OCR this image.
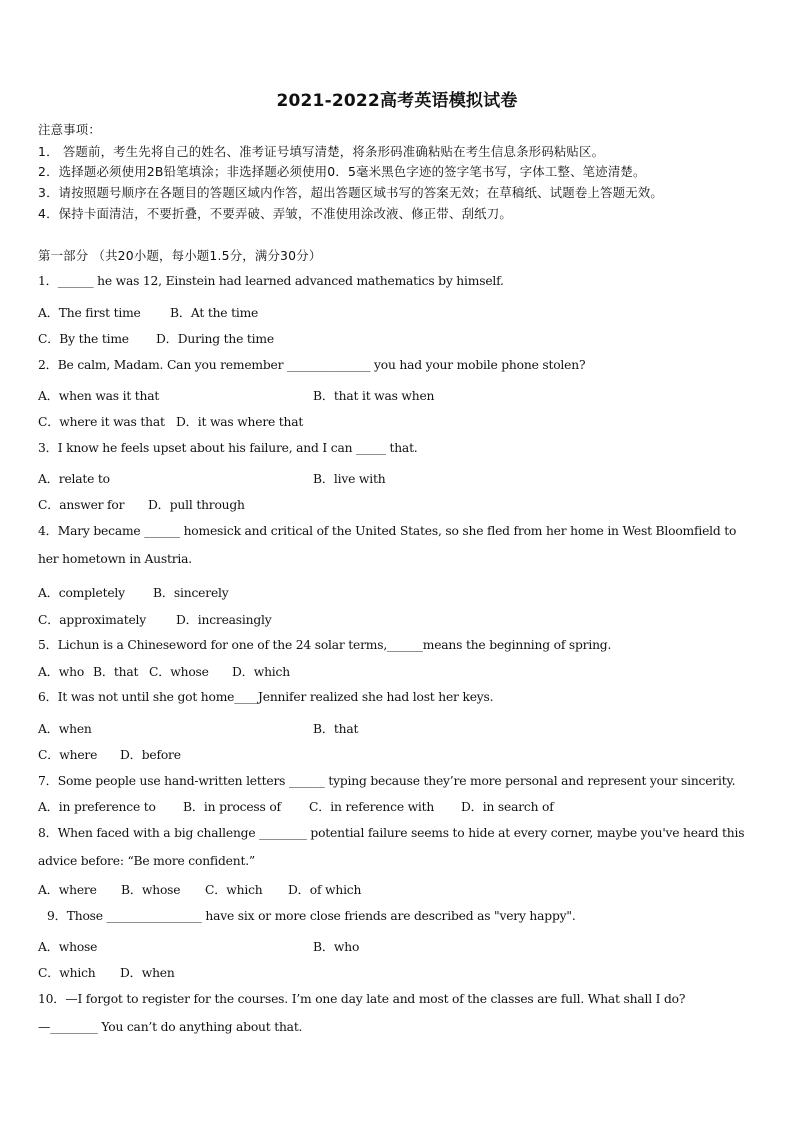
2021-2022高考英语模拟试卷
注意事项：
1． 答题前，考生先将自己的姓名、准考证号填写清楚，将条形码准确粘贴在考生信息条形码粘贴区。
2．选择题必须使用2B铅笔填涂；非选择题必须使用0．5毫米黑色字迹的签字笔书写，字体工整、笔迹清楚。
3．请按照题号顺序在各题目的答题区域内作答，超出答题区域书写的答案无效；在草稿纸、试题卷上答题无效。
4．保持卡面清洁，不要折叠，不要弄破、弄皱，不准使用涂改液、修正带、刮纸刀。
第一部分 （共20小题，每小题1.5分，满分30分）
1．______ he was 12, Einstein had learned advanced mathematics by himself.
A．The first time B．At the time
C．By the time D．During the time
2．Be calm, Madam. Can you remember ______________ you had your mobile phone stolen?
A．when was it that	B．that it was when
C．where it was that D．it was where that
3．I know he feels upset about his failure, and I can _____ that.
A．relate to	B．live with
C．answer for D．pull through
4．Mary became ______ homesick and critical of the United States, so she fled from her home in West Bloomfield to
her hometown in Austria.
A．completely B．sincerely
C．approximately D．increasingly
5．Lichun is a Chineseword for one of the 24 solar terms,______means the beginning of spring.
A．who B．that C．whose D．which
6．It was not until she got home____Jennifer realized she had lost her keys.
A．when	B．that
C．where D．before
7．Some people use hand-written letters ______ typing because they’re more personal and represent your sincerity.
A．in preference to B．in process of C．in reference with D．in search of
8．When faced with a big challenge ________ potential failure seems to hide at every corner, maybe you've heard this
advice before: “Be more confident.”
A．where B．whose C．which D．of which
9．Those ________________ have six or more close friends are described as "very happy".
A．whose	B．who
C．which D．when
10．—I forgot to register for the courses. I’m one day late and most of the classes are full. What shall I do?
—________ You can’t do anything about that.
